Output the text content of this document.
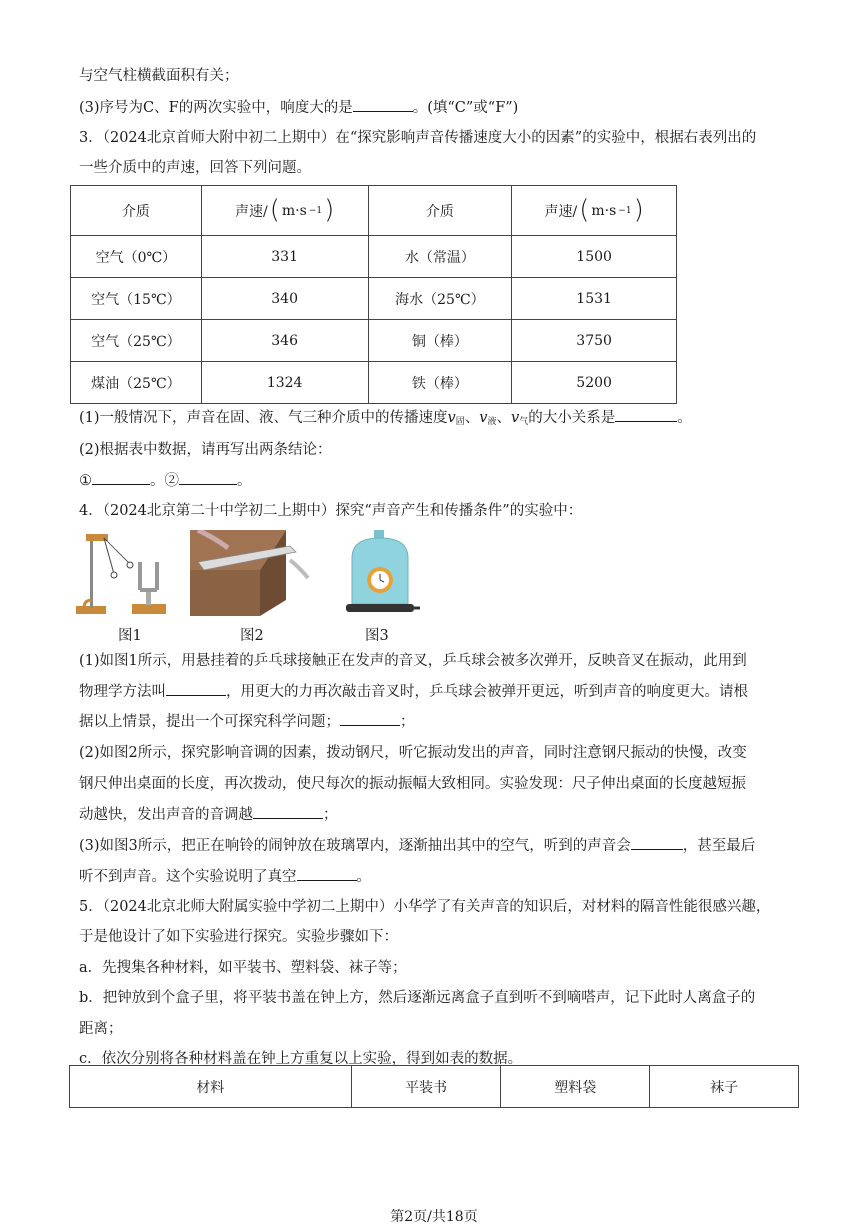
与空气柱横截面积有关；
(3)序号为C、F的两次实验中，响度大的是	。(填“C”或“F”)
3．（2024北京首师大附中初二上期中）在“探究影响声音传播速度大小的因素”的实验中，根据右表列出的
一些介质中的声速，回答下列问题。
介质	声速/ ( m·s −1 )	介质	声速/ ( m·s −1 )

空气（0℃）	331	水（常温）	1500
空气（15℃）	340	海水（25℃）	1531
空气（25℃）	346	铜（棒）	3750
煤油（25℃）	1324	铁（棒）	5200
(1)一般情况下，声音在固、液、气三种介质中的传播速度$v_固$、$v_液$、$v_气$的大小关系是	。
(2)根据表中数据，请再写出两条结论：
①	。②	。
4．（2024北京第二十中学初二上期中）探究“声音产生和传播条件”的实验中：
图1	图2	图3
(1)如图1所示，用悬挂着的乒乓球接触正在发声的音叉，乒乓球会被多次弹开，反映音叉在振动，此用到
物理学方法叫	，用更大的力再次敲击音叉时，乒乓球会被弹开更远，听到声音的响度更大。请根
据以上情景，提出一个可探究科学问题；	；
(2)如图2所示，探究影响音调的因素，拨动钢尺，听它振动发出的声音，同时注意钢尺振动的快慢，改变
钢尺伸出桌面的长度，再次拨动，使尺每次的振动振幅大致相同。实验发现：尺子伸出桌面的长度越短振
动越快，发出声音的音调越	；
(3)如图3所示，把正在响铃的闹钟放在玻璃罩内，逐渐抽出其中的空气，听到的声音会	，甚至最后
听不到声音。这个实验说明了真空	。
5．（2024北京北师大附属实验中学初二上期中）小华学了有关声音的知识后，对材料的隔音性能很感兴趣，
于是他设计了如下实验进行探究。实验步骤如下：
a．先搜集各种材料，如平装书、塑料袋、袜子等；
b．把钟放到个盒子里，将平装书盖在钟上方，然后逐渐远离盒子直到听不到嘀嗒声，记下此时人离盒子的
距离；
c．依次分别将各种材料盖在钟上方重复以上实验，得到如表的数据。
材料	平装书	塑料袋	袜子
第2页/共18页
